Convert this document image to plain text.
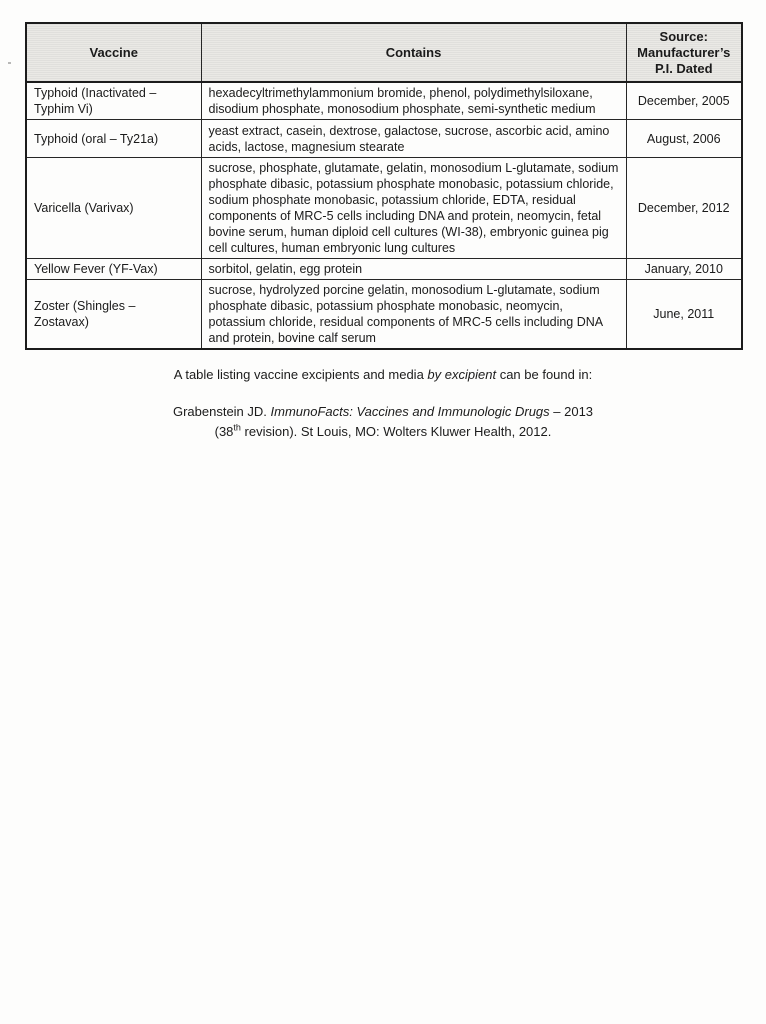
Vaccine	Contains	Source:
Manufacturer’s
P.I. Dated

Typhoid (Inactivated – Typhim Vi)	hexadecyltrimethylammonium bromide, phenol, polydimethylsiloxane, disodium phosphate, monosodium phosphate, semi-synthetic medium	December, 2005
Typhoid (oral – Ty21a)	yeast extract, casein, dextrose, galactose, sucrose, ascorbic acid, amino acids, lactose, magnesium stearate	August, 2006
Varicella (Varivax)	sucrose, phosphate, glutamate, gelatin, monosodium L-glutamate, sodium phosphate dibasic, potassium phosphate monobasic, potassium chloride, sodium phosphate monobasic, potassium chloride, EDTA, residual components of MRC-5 cells including DNA and protein, neomycin, fetal bovine serum, human diploid cell cultures (WI-38), embryonic guinea pig cell cultures, human embryonic lung cultures	December, 2012
Yellow Fever (YF-Vax)	sorbitol, gelatin, egg protein	January, 2010
Zoster (Shingles – Zostavax)	sucrose, hydrolyzed porcine gelatin, monosodium L-glutamate, sodium phosphate dibasic, potassium phosphate monobasic, neomycin, potassium chloride, residual components of MRC-5 cells including DNA and protein, bovine calf serum	June, 2011
A table listing vaccine excipients and media by excipient can be found in:
Grabenstein JD. ImmunoFacts: Vaccines and Immunologic Drugs – 2013
(38th revision). St Louis, MO: Wolters Kluwer Health, 2012.
